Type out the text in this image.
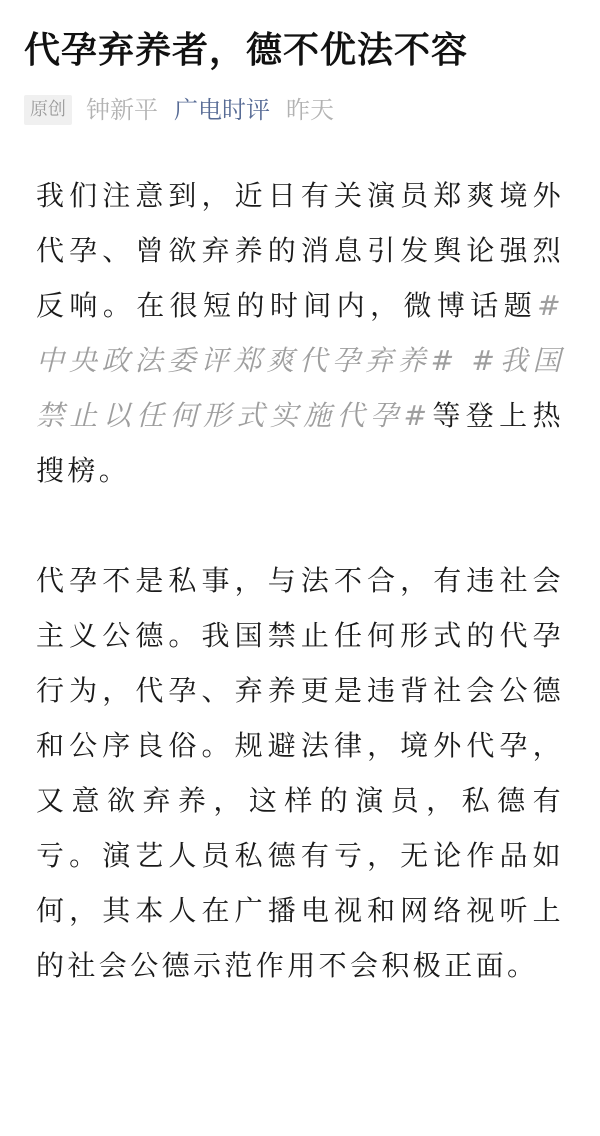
代孕弃养者，德不优法不容
原创 钟新平 广电时评 昨天

我们注意到，近日有关演员郑爽境外代孕、曾欲弃养的消息引发舆论强烈反响。在很短的时间内，微博话题#中央政法委评郑爽代孕弃养# #我国禁止以任何形式实施代孕#等登上热搜榜。

代孕不是私事，与法不合，有违社会主义公德。我国禁止任何形式的代孕行为，代孕、弃养更是违背社会公德和公序良俗。规避法律，境外代孕，又意欲弃养，这样的演员，私德有亏。演艺人员私德有亏，无论作品如何，其本人在广播电视和网络视听上的社会公德示范作用不会积极正面。
